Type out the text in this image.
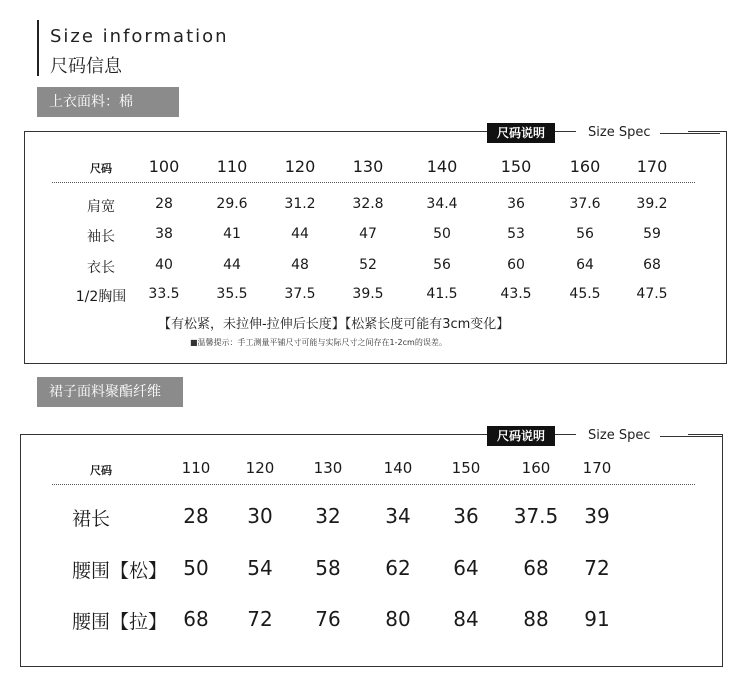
Size information
尺码信息
上衣面料：棉
尺码说明	Size Spec
尺码	100	110	120	130	140	150	160	170
肩宽	28	29.6	31.2	32.8	34.4	36	37.6	39.2
袖长	38	41	44	47	50	53	56	59
衣长	40	44	48	52	56	60	64	68
1/2胸围	33.5	35.5	37.5	39.5	41.5	43.5	45.5	47.5
【有松紧，未拉伸-拉伸后长度】【松紧长度可能有3cm变化】
■温馨提示：手工测量平铺尺寸可能与实际尺寸之间存在1-2cm的误差。
裙子面料聚酯纤维
尺码说明	Size Spec
尺码	110	120	130	140	150	160	170
裙长	28	30	32	34	36	37.5	39
腰围【松】 50	54	58	62	64	68	72
腰围【拉】 68	72	76	80	84	88	91
